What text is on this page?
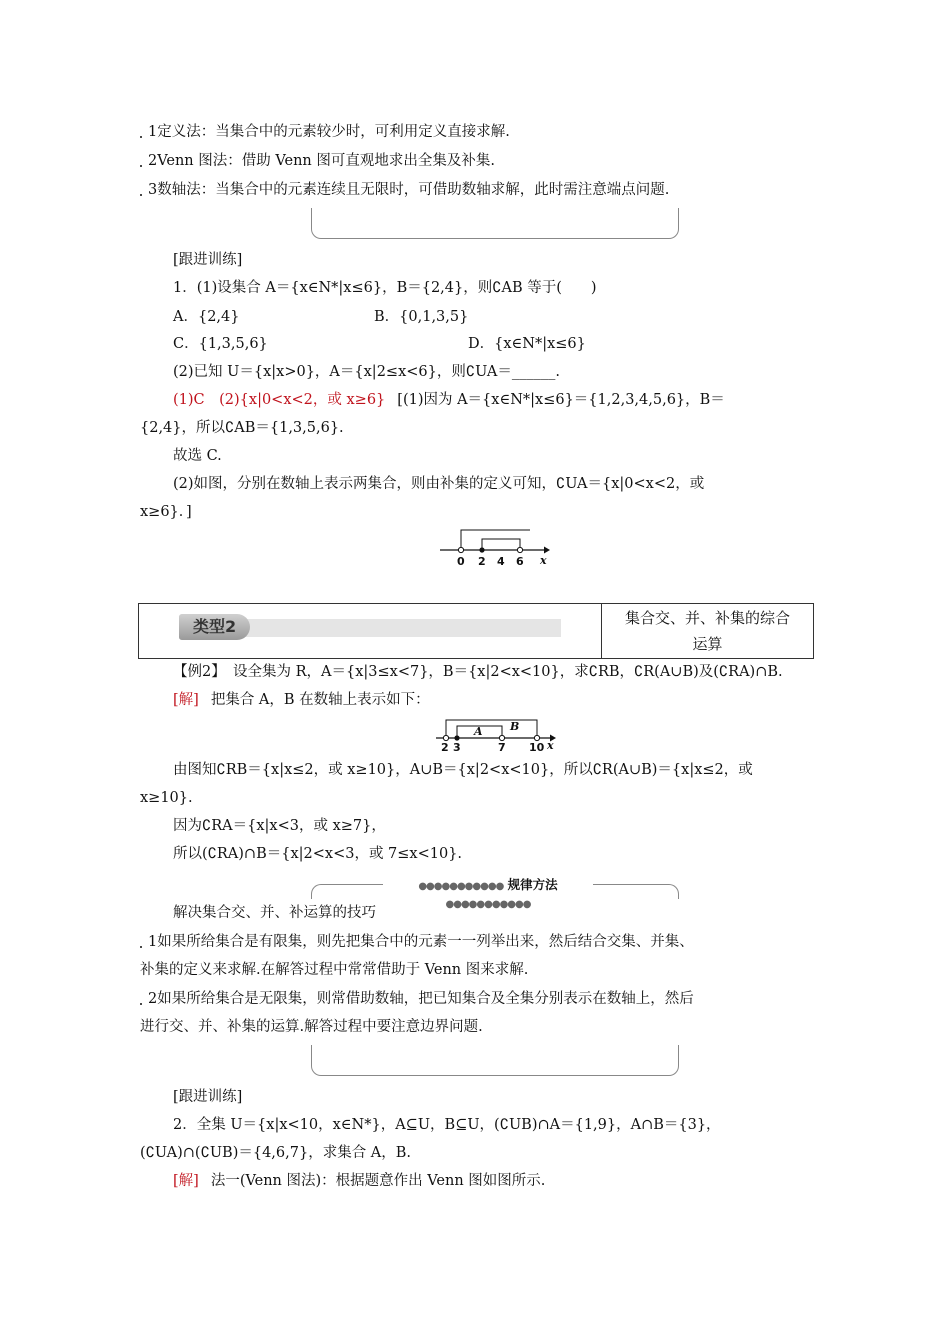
1定义法：当集合中的元素较少时，可利用定义直接求解.
2Venn 图法：借助 Venn 图可直观地求出全集及补集.
3数轴法：当集合中的元素连续且无限时，可借助数轴求解，此时需注意端点问题.
[跟进训练]
1．(1)设集合 A＝{x∈N*|x≤6}，B＝{2,4}，则∁AB 等于(　　)
A．{2,4}	B．{0,1,3,5}
C．{1,3,5,6}	D．{x∈N*|x≤6}
(2)已知 U＝{x|x>0}，A＝{x|2≤x<6}，则∁UA＝______.
(1)C　(2){x|0<x<2，或 x≥6} [(1)因为 A＝{x∈N*|x≤6}＝{1,2,3,4,5,6}，B＝
{2,4}，所以∁AB＝{1,3,5,6}.
故选 C.
(2)如图，分别在数轴上表示两集合，则由补集的定义可知，∁UA＝{x|0<x<2，或
x≥6}．]
0 2 4 6 x
类型2	集合交、并、补集的综合
运算
【例2】　设全集为 R，A＝{x|3≤x<7}，B＝{x|2<x<10}，求∁RB，∁R(A∪B)及(∁RA)∩B.
[解] 把集合 A，B 在数轴上表示如下：
A B
2 3	7 10 x
由图知∁RB＝{x|x≤2，或 x≥10}，A∪B＝{x|2<x<10}，所以∁R(A∪B)＝{x|x≤2，或
x≥10}.
因为∁RA＝{x|x<3，或 x≥7}，
所以(∁RA)∩B＝{x|2<x<3，或 7≤x<10}.
●●●●●●●●●●● 规律方法 ●●●●●●●●●●●
解决集合交、并、补运算的技巧
1如果所给集合是有限集，则先把集合中的元素一一列举出来，然后结合交集、并集、
补集的定义来求解.在解答过程中常常借助于 Venn 图来求解.
2如果所给集合是无限集，则常借助数轴，把已知集合及全集分别表示在数轴上，然后
进行交、并、补集的运算.解答过程中要注意边界问题.
[跟进训练]
2．全集 U＝{x|x<10，x∈N*}，A⊆U，B⊆U，(∁UB)∩A＝{1,9}，A∩B＝{3}，
(∁UA)∩(∁UB)＝{4,6,7}，求集合 A，B.
[解] 法一(Venn 图法)：根据题意作出 Venn 图如图所示.
